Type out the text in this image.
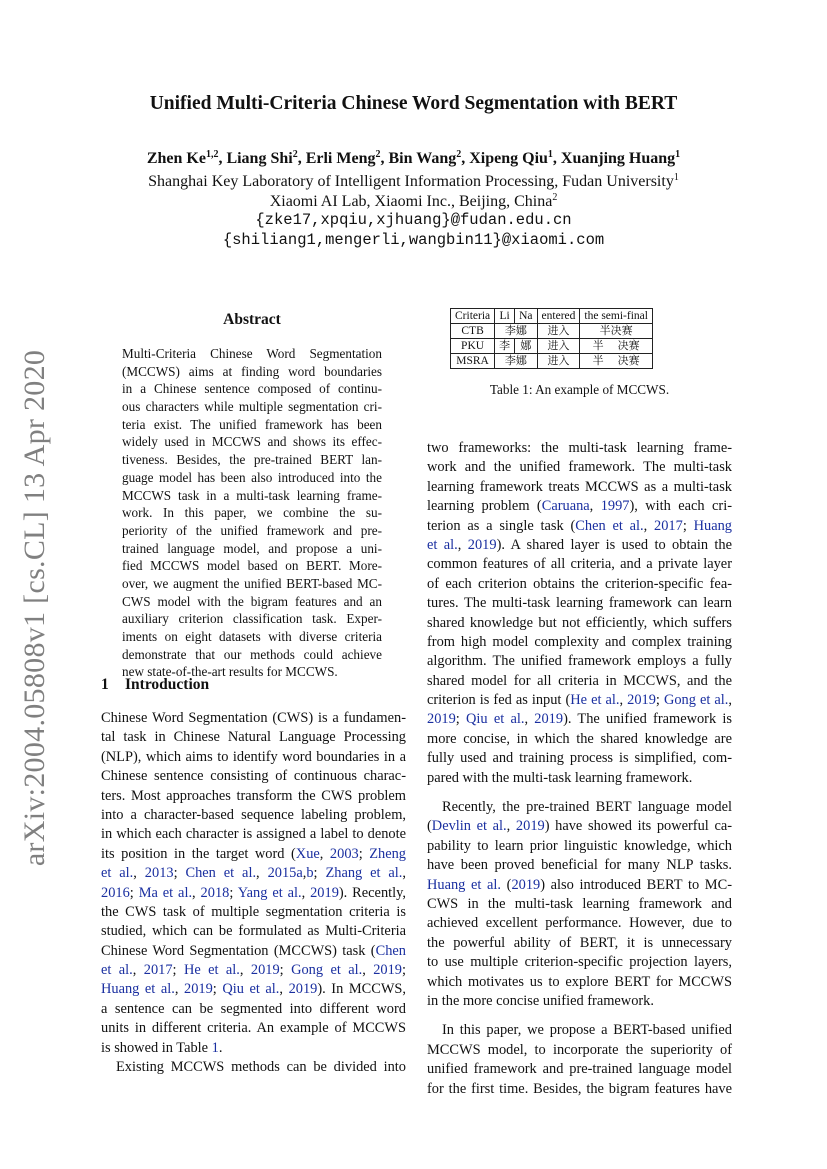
arXiv:2004.05808v1 [cs.CL] 13 Apr 2020
Unified Multi-Criteria Chinese Word Segmentation with BERT
Zhen Ke$^{1,2}$, Liang Shi$^2$, Erli Meng$^2$, Bin Wang$^2$, Xipeng Qiu$^1$, Xuanjing Huang$^1$
Shanghai Key Laboratory of Intelligent Information Processing, Fudan University$^1$
Xiaomi AI Lab, Xiaomi Inc., Beijing, China$^2$
{zke17,xpqiu,xjhuang}@fudan.edu.cn
{shiliang1,mengerli,wangbin11}@xiaomi.com
Abstract
Multi-Criteria Chinese Word Segmentation
(MCCWS) aims at finding word boundaries
in a Chinese sentence composed of continu-
ous characters while multiple segmentation cri-
teria exist. The unified framework has been
widely used in MCCWS and shows its effec-
tiveness. Besides, the pre-trained BERT lan-
guage model has been also introduced into the
MCCWS task in a multi-task learning frame-
work. In this paper, we combine the su-
periority of the unified framework and pre-
trained language model, and propose a uni-
fied MCCWS model based on BERT. More-
over, we augment the unified BERT-based MC-
CWS model with the bigram features and an
auxiliary criterion classification task. Exper-
iments on eight datasets with diverse criteria
demonstrate that our methods could achieve
new state-of-the-art results for MCCWS.
1 Introduction
Chinese Word Segmentation (CWS) is a fundamen-
tal task in Chinese Natural Language Processing
(NLP), which aims to identify word boundaries in a
Chinese sentence consisting of continuous charac-
ters. Most approaches transform the CWS problem
into a character-based sequence labeling problem,
in which each character is assigned a label to denote
its position in the target word (Xue, 2003; Zheng
et al., 2013; Chen et al., 2015a,b; Zhang et al.,
2016; Ma et al., 2018; Yang et al., 2019). Recently,
the CWS task of multiple segmentation criteria is
studied, which can be formulated as Multi-Criteria
Chinese Word Segmentation (MCCWS) task (Chen
et al., 2017; He et al., 2019; Gong et al., 2019;
Huang et al., 2019; Qiu et al., 2019). In MCCWS,
a sentence can be segmented into different word
units in different criteria. An example of MCCWS
is showed in Table 1.
Existing MCCWS methods can be divided into
Criteria	Li	Na	entered	the semi-final
CTB	李娜		进入	半决赛
PKU	李	娜	进入	半 决赛
MSRA	李娜		进入	半 决赛
Table 1: An example of MCCWS.
two frameworks: the multi-task learning frame-
work and the unified framework. The multi-task
learning framework treats MCCWS as a multi-task
learning problem (Caruana, 1997), with each cri-
terion as a single task (Chen et al., 2017; Huang
et al., 2019). A shared layer is used to obtain the
common features of all criteria, and a private layer
of each criterion obtains the criterion-specific fea-
tures. The multi-task learning framework can learn
shared knowledge but not efficiently, which suffers
from high model complexity and complex training
algorithm. The unified framework employs a fully
shared model for all criteria in MCCWS, and the
criterion is fed as input (He et al., 2019; Gong et al.,
2019; Qiu et al., 2019). The unified framework is
more concise, in which the shared knowledge are
fully used and training process is simplified, com-
pared with the multi-task learning framework.
Recently, the pre-trained BERT language model
(Devlin et al., 2019) have showed its powerful ca-
pability to learn prior linguistic knowledge, which
have been proved beneficial for many NLP tasks.
Huang et al. (2019) also introduced BERT to MC-
CWS in the multi-task learning framework and
achieved excellent performance. However, due to
the powerful ability of BERT, it is unnecessary
to use multiple criterion-specific projection layers,
which motivates us to explore BERT for MCCWS
in the more concise unified framework.
In this paper, we propose a BERT-based unified
MCCWS model, to incorporate the superiority of
unified framework and pre-trained language model
for the first time. Besides, the bigram features have
